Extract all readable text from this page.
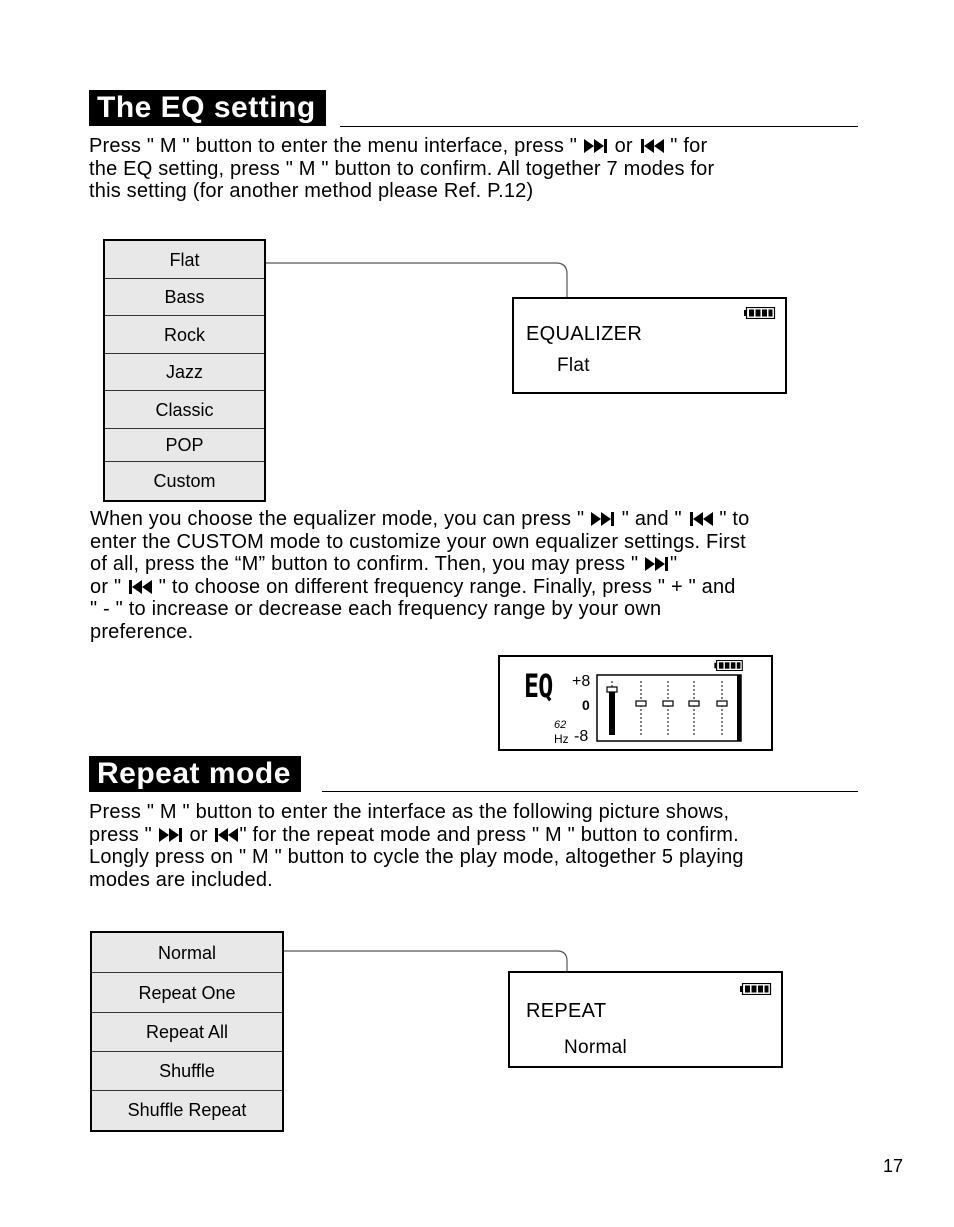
The EQ setting
Press " M " button to enter the menu interface, press "  or  " for
the EQ setting, press " M " button to confirm. All together 7 modes for
this setting (for another method please Ref. P.12)
Flat
Bass
Rock
Jazz
Classic
POP
Custom
EQUALIZER
Flat
When you choose the equalizer mode, you can press "  " and "  " to
enter the CUSTOM mode to customize your own equalizer settings. First
of all, press the “M” button to confirm. Then, you may press " "
or "  " to choose on different frequency range. Finally, press " + " and
" - " to increase or decrease each frequency range by your own
preference.
EQ +8
0
62
Hz -8
Repeat mode
Press " M " button to enter the interface as the following picture shows,
press "  or " for the repeat mode and press " M " button to confirm.
Longly press on " M " button to cycle the play mode, altogether 5 playing
modes are included.
Normal
Repeat One
Repeat All
Shuffle
Shuffle Repeat
REPEAT
Normal
17
